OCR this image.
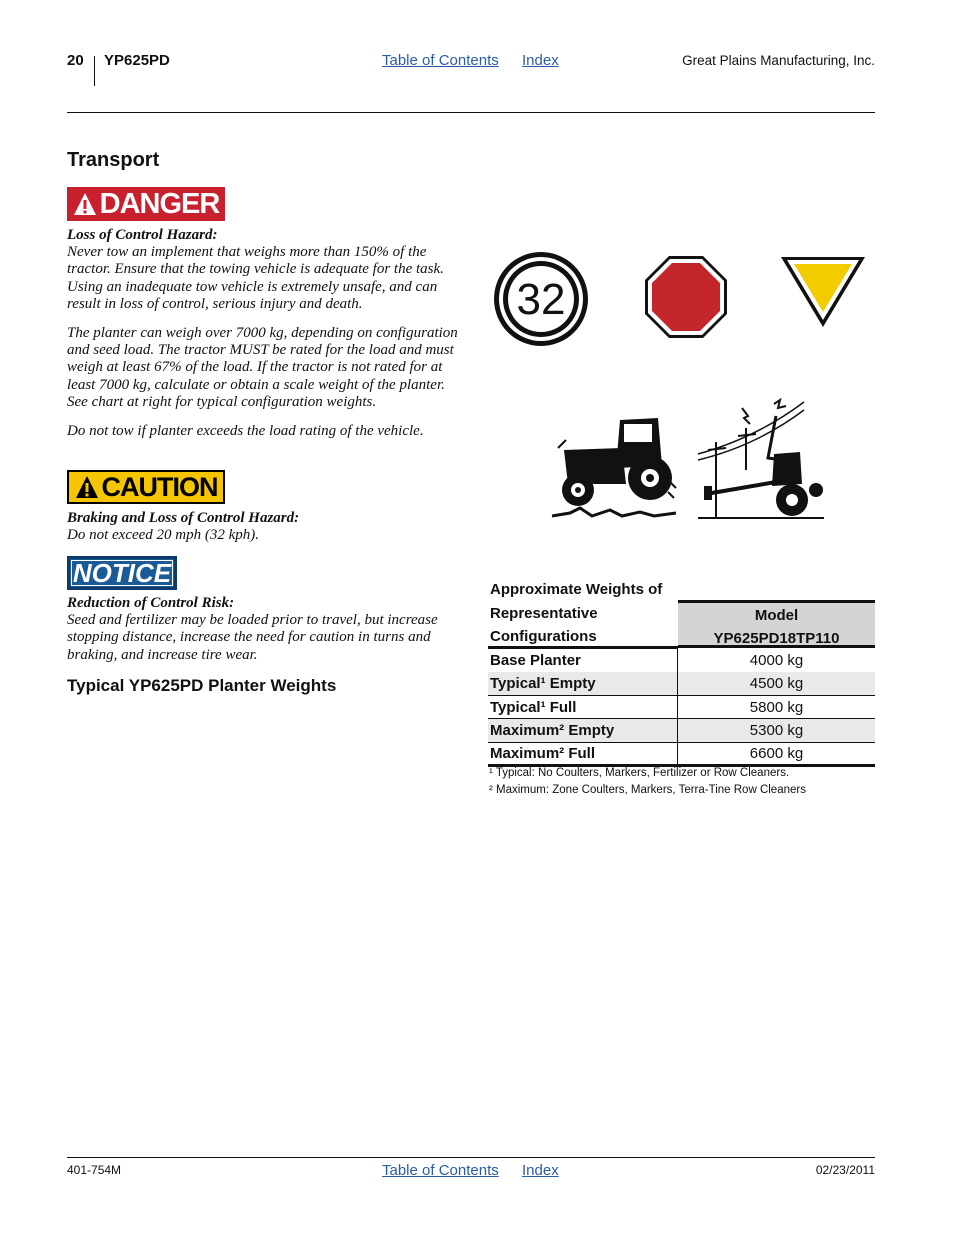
20 YP625PD	Table of Contents Index	Great Plains Manufacturing, Inc.
Transport
DANGER
Loss of Control Hazard:

Never tow an implement that weighs more than 150% of the tractor. Ensure that the towing vehicle is adequate for the task. Using an inadequate tow vehicle is extremely unsafe, and can result in loss of control, serious injury and death.

The planter can weigh over 7000 kg, depending on configuration and seed load. The tractor MUST be rated for the load and must weigh at least 67% of the load. If the tractor is not rated for at least 7000 kg, calculate or obtain a scale weight of the planter. See chart at right for typical configuration weights.

Do not tow if planter exceeds the load rating of the vehicle.

CAUTION
Braking and Loss of Control Hazard:

Do not exceed 20 mph (32 kph).

NOTICE
Reduction of Control Risk:

Seed and fertilizer may be loaded prior to travel, but increase stopping distance, increase the need for caution in turns and braking, and increase tire wear.

Typical YP625PD Planter Weights
32
Approximate Weights of Representative Configurations
Model
YP625PD18TP110
Base Planter	4000 kg
Typical¹ Empty	4500 kg
Typical¹ Full	5800 kg
Maximum² Empty	5300 kg
Maximum² Full	6600 kg
¹ Typical: No Coulters, Markers, Fertilizer or Row Cleaners.
² Maximum: Zone Coulters, Markers, Terra-Tine Row Cleaners
401-754M	Table of Contents Index	02/23/2011
